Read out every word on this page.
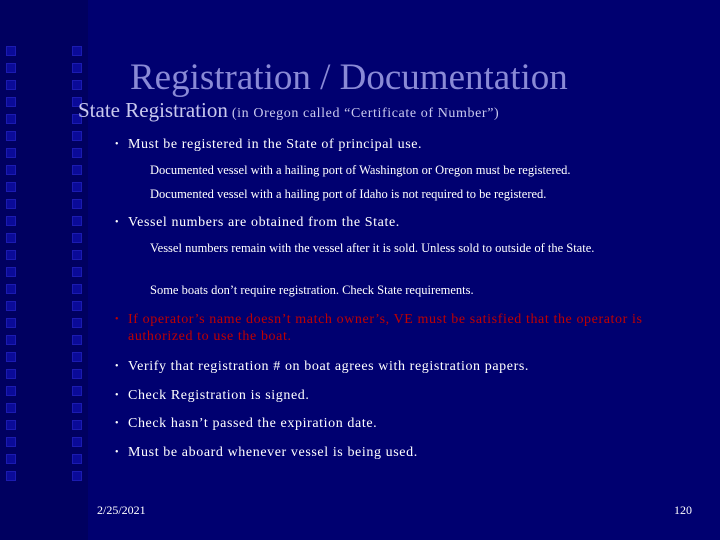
Registration / Documentation
State Registration (in Oregon called “Certificate of Number”)
• Must be registered in the State of principal use.
Documented vessel with a hailing port of Washington or Oregon must be registered.
Documented vessel with a hailing port of Idaho is not required to be registered.
• Vessel numbers are obtained from the State.
Vessel numbers remain with the vessel after it is sold. Unless sold to outside of the State.
Some boats don’t require registration. Check State requirements.
• If operator’s name doesn’t match owner’s, VE must be satisfied that the operator is authorized to use the boat.
• Verify that registration # on boat agrees with registration papers.
• Check Registration is signed.
• Check hasn’t passed the expiration date.
• Must be aboard whenever vessel is being used.
2/25/2021	120
